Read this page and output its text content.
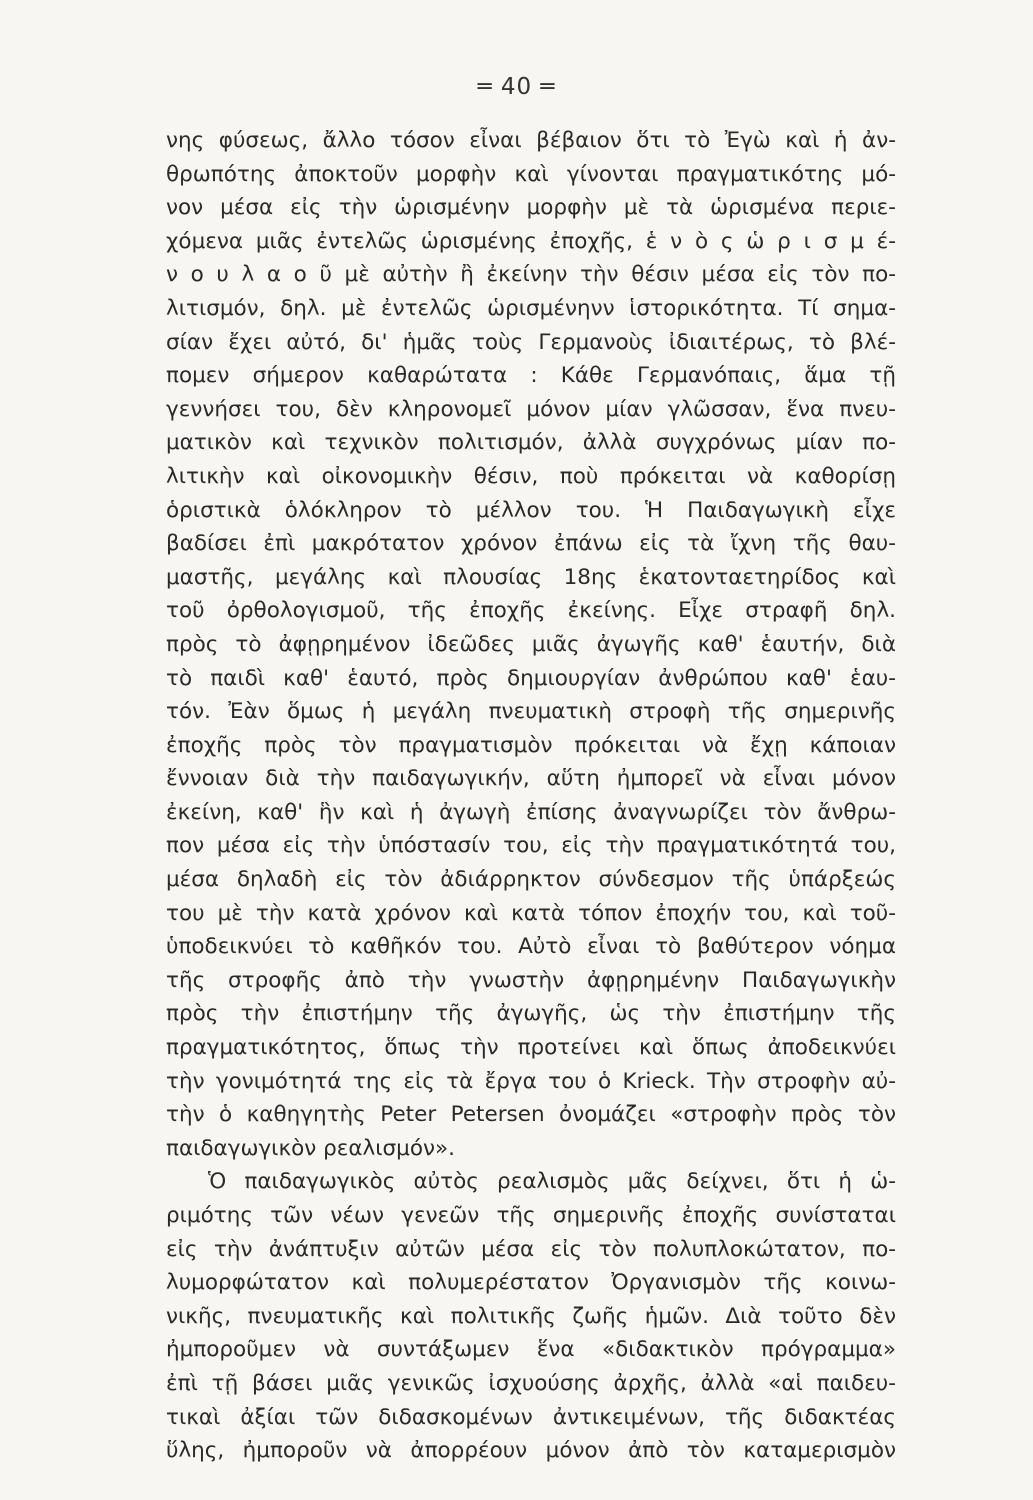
═ 40 ═
νης φύσεως, ἄλλο τόσον εἶναι βέβαιον ὅτι τὸ Ἐγὼ καὶ ἡ ἀν-
θρωπότης ἀποκτοῦν μορφὴν καὶ γίνονται πραγματικότης μό-
νον μέσα εἰς τὴν ὡρισμένην μορφὴν μὲ τὰ ὡρισμένα περιε-
χόμενα μιᾶς ἐντελῶς ὡρισμένης ἐποχῆς, ἑ ν ὸ ς ὡ ρ ι σ μ έ-
ν ο υ λ α ο ῦ μὲ αὐτὴν ἢ ἐκείνην τὴν θέσιν μέσα εἰς τὸν πο-
λιτισμόν, δηλ. μὲ ἐντελῶς ὡρισμένηνν ἱστορικότητα. Τί σημα-
σίαν ἔχει αὐτό, δι' ἡμᾶς τοὺς Γερμανοὺς ἰδιαιτέρως, τὸ βλέ-
πομεν σήμερον καθαρώτατα : Κάθε Γερμανόπαις, ἅμα τῇ
γεννήσει του, δὲν κληρονομεῖ μόνον μίαν γλῶσσαν, ἕνα πνευ-
ματικὸν καὶ τεχνικὸν πολιτισμόν, ἀλλὰ συγχρόνως μίαν πο-
λιτικὴν καὶ οἰκονομικὴν θέσιν, ποὺ πρόκειται νὰ καθορίσῃ
ὁριστικὰ ὁλόκληρον τὸ μέλλον του. Ἡ Παιδαγωγικὴ εἶχε
βαδίσει ἐπὶ μακρότατον χρόνον ἐπάνω εἰς τὰ ἴχνη τῆς θαυ-
μαστῆς, μεγάλης καὶ πλουσίας 18ης ἑκατονταετηρίδος καὶ
τοῦ ὀρθολογισμοῦ, τῆς ἐποχῆς ἐκείνης. Εἶχε στραφῆ δηλ.
πρὸς τὸ ἀφῃρημένον ἰδεῶδες μιᾶς ἀγωγῆς καθ' ἑαυτήν, διὰ
τὸ παιδὶ καθ' ἑαυτό, πρὸς δημιουργίαν ἀνθρώπου καθ' ἑαυ-
τόν. Ἐὰν ὅμως ἡ μεγάλη πνευματικὴ στροφὴ τῆς σημερινῆς
ἐποχῆς πρὸς τὸν πραγματισμὸν πρόκειται νὰ ἔχῃ κάποιαν
ἔννοιαν διὰ τὴν παιδαγωγικήν, αὕτη ἠμπορεῖ νὰ εἶναι μόνον
ἐκείνη, καθ' ἣν καὶ ἡ ἀγωγὴ ἐπίσης ἀναγνωρίζει τὸν ἄνθρω-
πον μέσα εἰς τὴν ὑπόστασίν του, εἰς τὴν πραγματικότητά του,
μέσα δηλαδὴ εἰς τὸν ἀδιάρρηκτον σύνδεσμον τῆς ὑπάρξεώς
του μὲ τὴν κατὰ χρόνον καὶ κατὰ τόπον ἐποχήν του, καὶ τοῦ-
ὑποδεικνύει τὸ καθῆκόν του. Αὐτὸ εἶναι τὸ βαθύτερον νόημα
τῆς στροφῆς ἀπὸ τὴν γνωστὴν ἀφῃρημένην Παιδαγωγικὴν
πρὸς τὴν ἐπιστήμην τῆς ἀγωγῆς, ὡς τὴν ἐπιστήμην τῆς
πραγματικότητος, ὅπως τὴν προτείνει καὶ ὅπως ἀποδεικνύει
τὴν γονιμότητά της εἰς τὰ ἔργα του ὁ Krieck. Τὴν στροφὴν αὐ-
τὴν ὁ καθηγητὴς Peter Petersen ὀνομάζει «στροφὴν πρὸς τὸν
παιδαγωγικὸν ρεαλισμόν».
Ὁ παιδαγωγικὸς αὐτὸς ρεαλισμὸς μᾶς δείχνει, ὅτι ἡ ὡ-
ριμότης τῶν νέων γενεῶν τῆς σημερινῆς ἐποχῆς συνίσταται
εἰς τὴν ἀνάπτυξιν αὐτῶν μέσα εἰς τὸν πολυπλοκώτατον, πο-
λυμορφώτατον καὶ πολυμερέστατον Ὀργανισμὸν τῆς κοινω-
νικῆς, πνευματικῆς καὶ πολιτικῆς ζωῆς ἡμῶν. Διὰ τοῦτο δὲν
ἠμποροῦμεν νὰ συντάξωμεν ἕνα «διδακτικὸν πρόγραμμα»
ἐπὶ τῇ βάσει μιᾶς γενικῶς ἰσχυούσης ἀρχῆς, ἀλλὰ «αἱ παιδευ-
τικαὶ ἀξίαι τῶν διδασκομένων ἀντικειμένων, τῆς διδακτέας
ὕλης, ἠμποροῦν νὰ ἀπορρέουν μόνον ἀπὸ τὸν καταμερισμὸν
